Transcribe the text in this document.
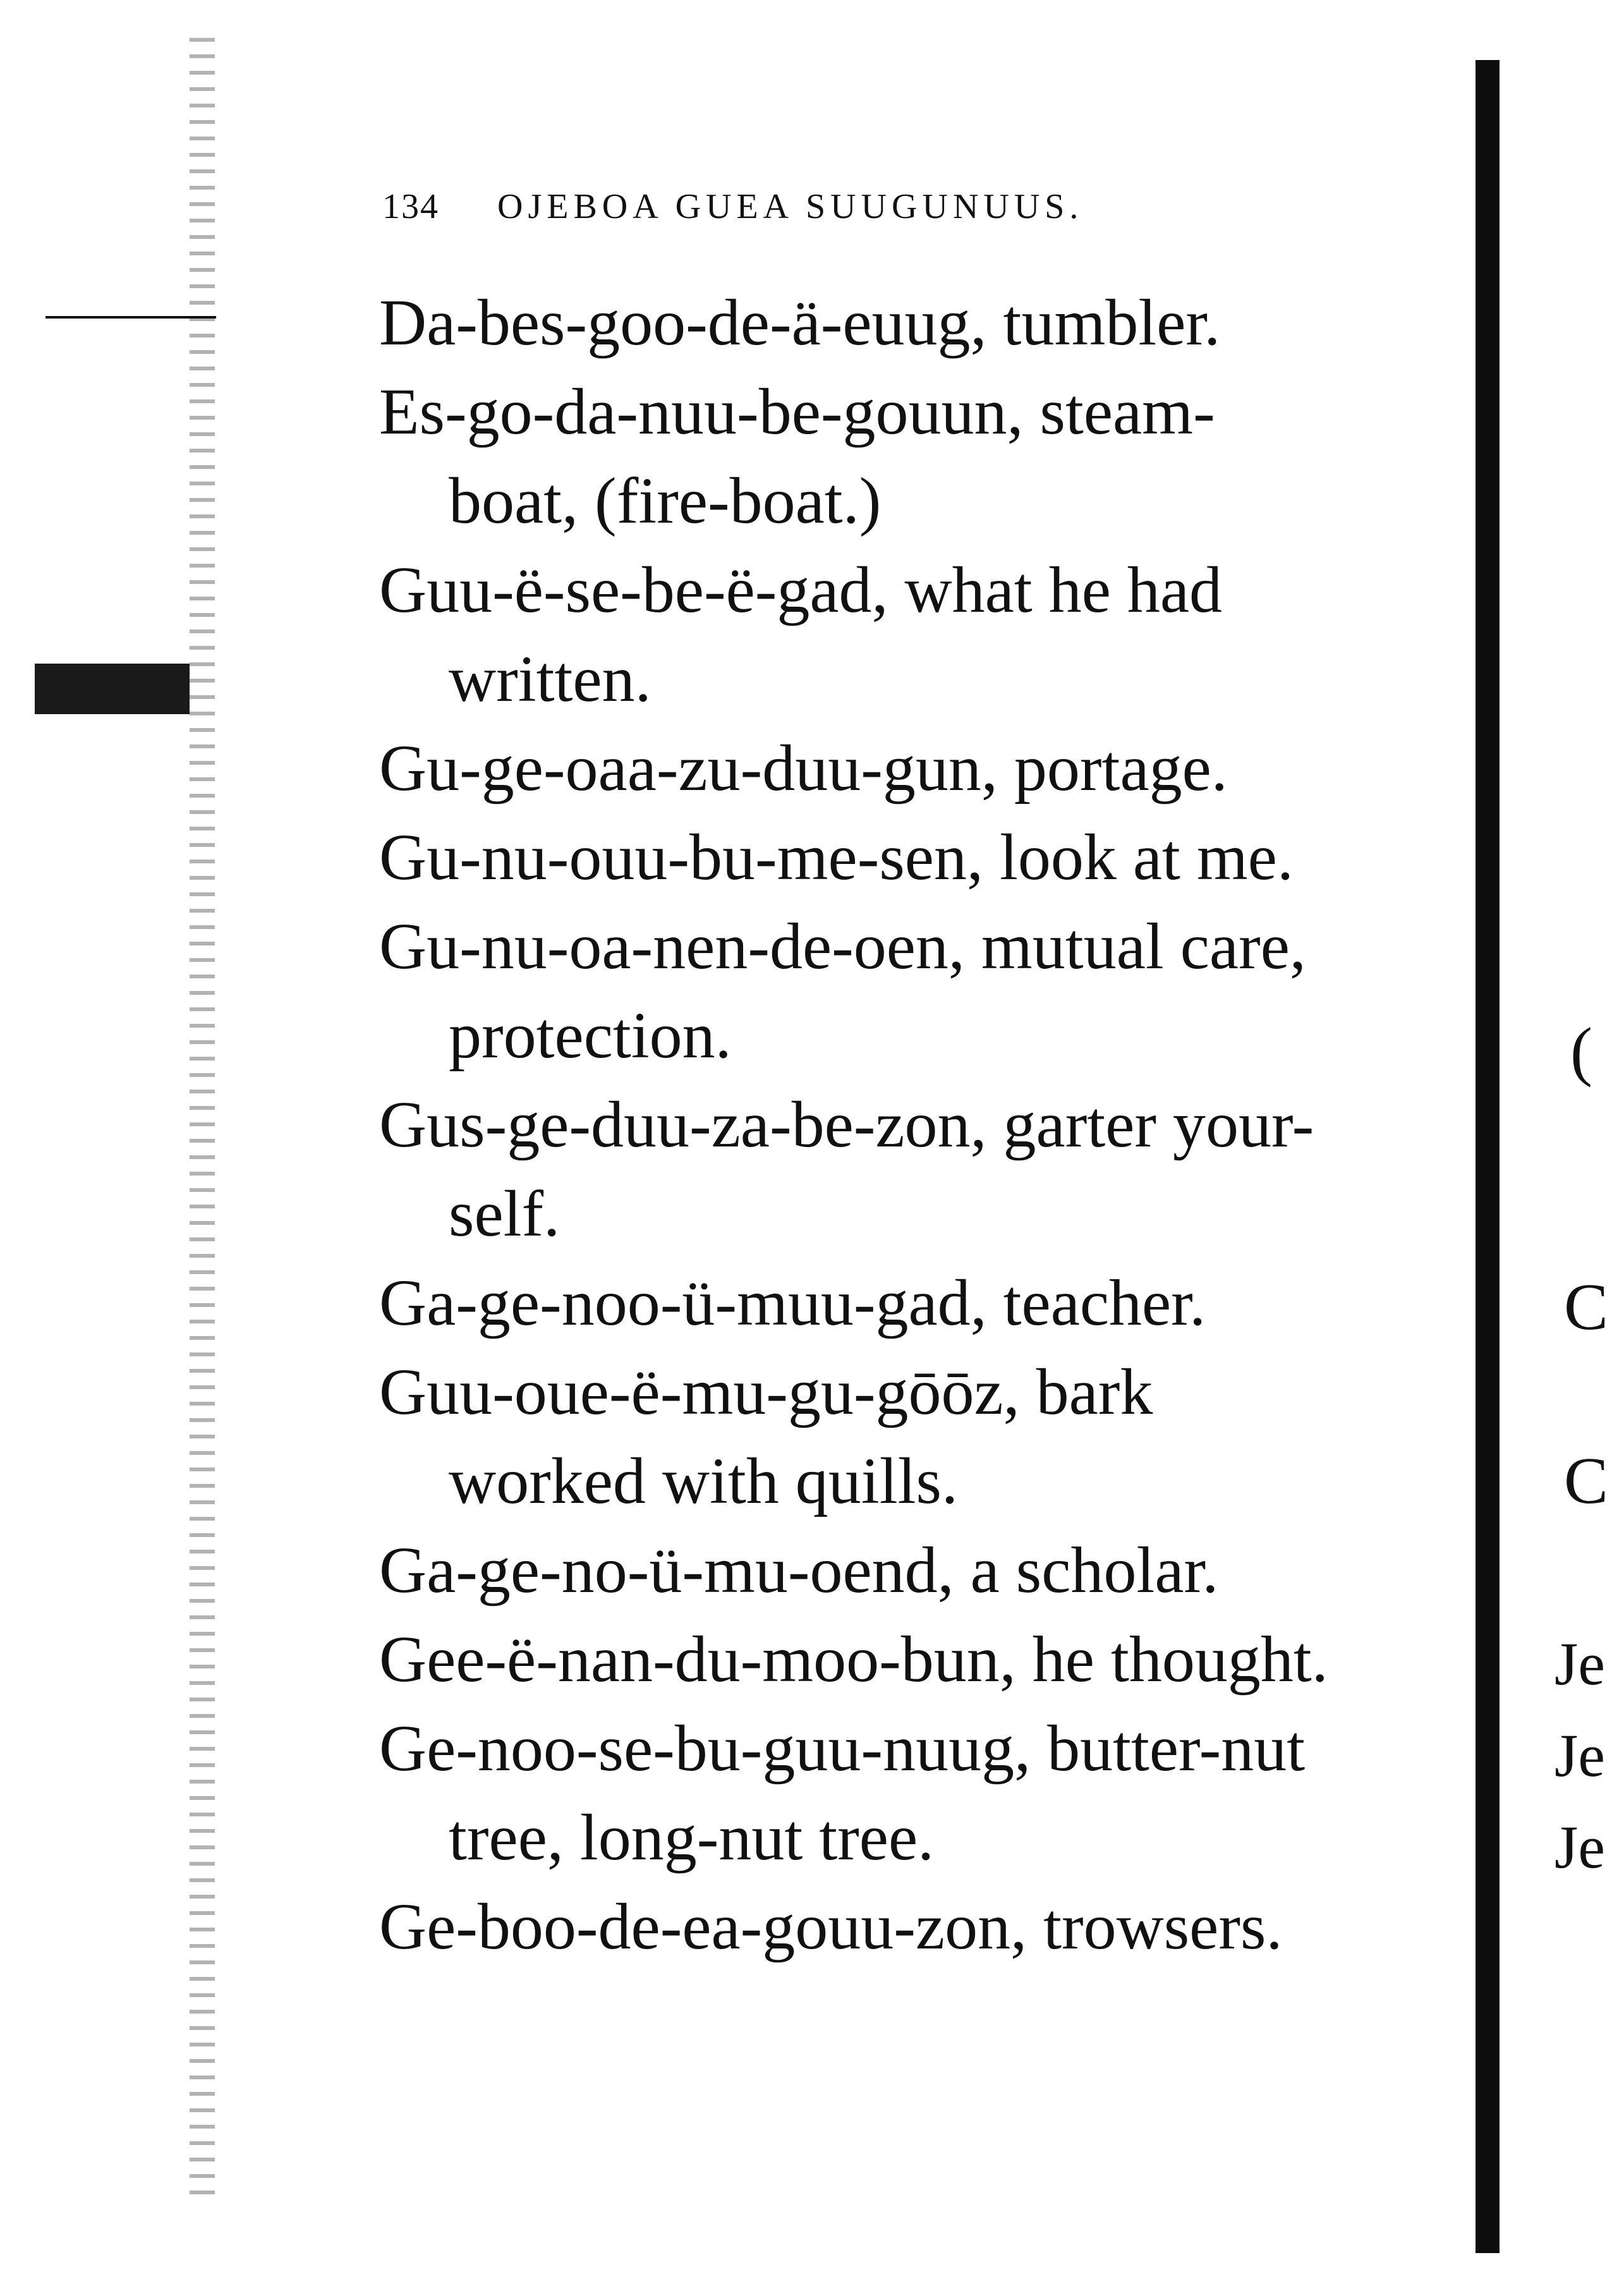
134 OJEBOA GUEA SUUGUNUUS.

Da-bes-goo-de-ä-euug, tumbler.

Es-go-da-nuu-be-gouun, steam-
boat, (fire-boat.)

Guu-ë-se-be-ë-gad, what he had
written.

Gu-ge-oaa-zu-duu-gun, portage.

Gu-nu-ouu-bu-me-sen, look at me.

Gu-nu-oa-nen-de-oen, mutual care,
protection.

Gus-ge-duu-za-be-zon, garter your-
self.

Ga-ge-noo-ü-muu-gad, teacher.

Guu-oue-ë-mu-gu-gōōz, bark
worked with quills.

Ga-ge-no-ü-mu-oend, a scholar.

Gee-ë-nan-du-moo-bun, he thought.

Ge-noo-se-bu-guu-nuug, butter-nut
tree, long-nut tree.

Ge-boo-de-ea-gouu-zon, trowsers.

(
C
C
Je
Je
Je
